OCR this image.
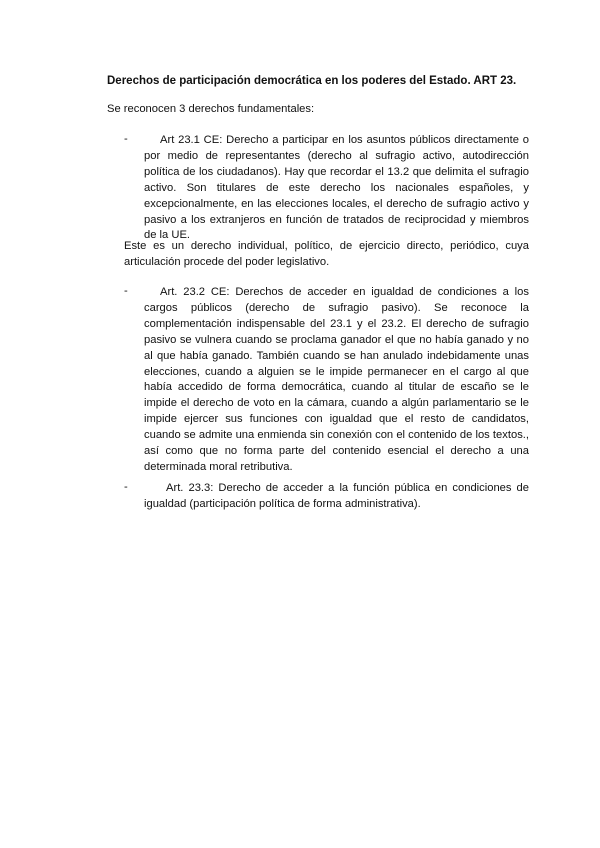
Derechos de participación democrática en los poderes del Estado. ART 23.
Se reconocen 3 derechos fundamentales:
-	Art 23.1 CE: Derecho a participar en los asuntos públicos directamente o por medio de representantes (derecho al sufragio activo, autodirección política de los ciudadanos). Hay que recordar el 13.2 que delimita el sufragio activo. Son titulares de este derecho los nacionales españoles, y excepcionalmente, en las elecciones locales, el derecho de sufragio activo y pasivo a los extranjeros en función de tratados de reciprocidad y miembros de la UE.
Este es un derecho individual, político, de ejercicio directo, periódico, cuya articulación procede del poder legislativo.
-	Art. 23.2 CE: Derechos de acceder en igualdad de condiciones a los cargos públicos (derecho de sufragio pasivo). Se reconoce la complementación indispensable del 23.1 y el 23.2. El derecho de sufragio pasivo se vulnera cuando se proclama ganador el que no había ganado y no al que había ganado. También cuando se han anulado indebidamente unas elecciones, cuando a alguien se le impide permanecer en el cargo al que había accedido de forma democrática, cuando al titular de escaño se le impide el derecho de voto en la cámara, cuando a algún parlamentario se le impide ejercer sus funciones con igualdad que el resto de candidatos, cuando se admite una enmienda sin conexión con el contenido de los textos., así como que no forma parte del contenido esencial el derecho a una determinada moral retributiva.
-	Art. 23.3: Derecho de acceder a la función pública en condiciones de igualdad (participación política de forma administrativa).
